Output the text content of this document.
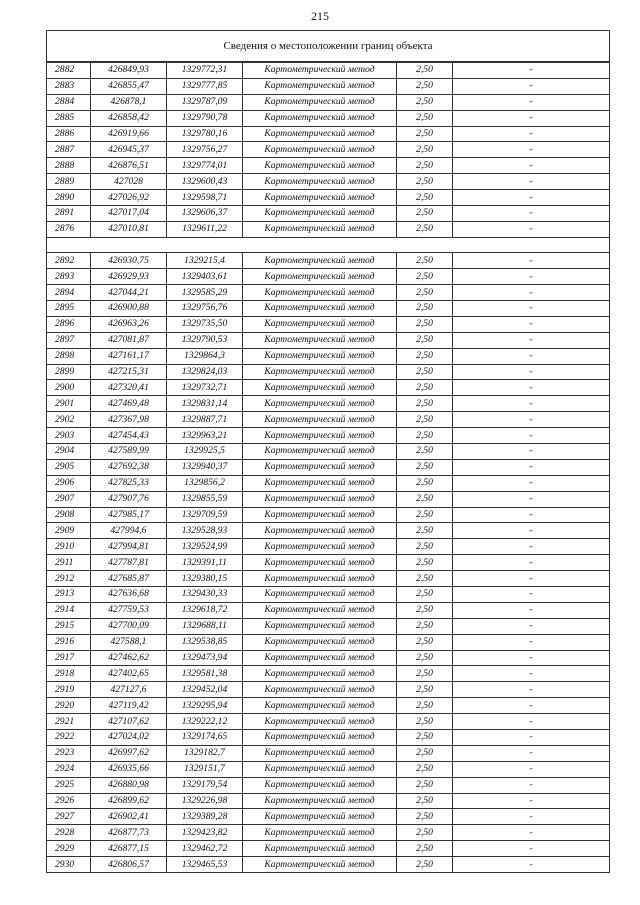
215
Сведения о местоположении границ объекта					
2882	426849,93	1329772,31	Картометрический метод	2,50	-
2883	426855,47	1329777,85	Картометрический метод	2,50	-
2884	426878,1	1329787,09	Картометрический метод	2,50	-
2885	426858,42	1329790,78	Картометрический метод	2,50	-
2886	426919,66	1329780,16	Картометрический метод	2,50	-
2887	426945,37	1329756,27	Картометрический метод	2,50	-
2888	426876,51	1329774,01	Картометрический метод	2,50	-
2889	427028	1329600,43	Картометрический метод	2,50	-
2890	427026,92	1329598,71	Картометрический метод	2,50	-
2891	427017,04	1329606,37	Картометрический метод	2,50	-
2876	427010,81	1329611,22	Картометрический метод	2,50	-

2892	426930,75	1329215,4	Картометрический метод	2,50	-
2893	426929,93	1329403,61	Картометрический метод	2,50	-
2894	427044,21	1329585,29	Картометрический метод	2,50	-
2895	426900,88	1329756,76	Картометрический метод	2,50	-
2896	426963,26	1329735,50	Картометрический метод	2,50	-
2897	427081,87	1329790,53	Картометрический метод	2,50	-
2898	427161,17	1329864,3	Картометрический метод	2,50	-
2899	427215,31	1329824,03	Картометрический метод	2,50	-
2900	427320,41	1329732,71	Картометрический метод	2,50	-
2901	427469,48	1329831,14	Картометрический метод	2,50	-
2902	427367,98	1329887,71	Картометрический метод	2,50	-
2903	427454,43	1329963,21	Картометрический метод	2,50	-
2904	427589,99	1329925,5	Картометрический метод	2,50	-
2905	427692,38	1329940,37	Картометрический метод	2,50	-
2906	427825,33	1329856,2	Картометрический метод	2,50	-
2907	427907,76	1329855,59	Картометрический метод	2,50	-
2908	427985,17	1329709,59	Картометрический метод	2,50	-
2909	427994,6	1329528,93	Картометрический метод	2,50	-
2910	427994,81	1329524,99	Картометрический метод	2,50	-
2911	427787,81	1329391,11	Картометрический метод	2,50	-
2912	427685,87	1329380,15	Картометрический метод	2,50	-
2913	427636,68	1329430,33	Картометрический метод	2,50	-
2914	427759,53	1329618,72	Картометрический метод	2,50	-
2915	427700,09	1329688,11	Картометрический метод	2,50	-
2916	427588,1	1329538,85	Картометрический метод	2,50	-
2917	427462,62	1329473,94	Картометрический метод	2,50	-
2918	427402,65	1329581,38	Картометрический метод	2,50	-
2919	427127,6	1329452,04	Картометрический метод	2,50	-
2920	427119,42	1329295,94	Картометрический метод	2,50	-
2921	427107,62	1329222,12	Картометрический метод	2,50	-
2922	427024,02	1329174,65	Картометрический метод	2,50	-
2923	426997,62	1329182,7	Картометрический метод	2,50	-
2924	426935,66	1329151,7	Картометрический метод	2,50	-
2925	426880,98	1329179,54	Картометрический метод	2,50	-
2926	426899,62	1329226,98	Картометрический метод	2,50	-
2927	426902,41	1329389,28	Картометрический метод	2,50	-
2928	426877,73	1329423,82	Картометрический метод	2,50	-
2929	426877,15	1329462,72	Картометрический метод	2,50	-
2930	426806,57	1329465,53	Картометрический метод	2,50	-
